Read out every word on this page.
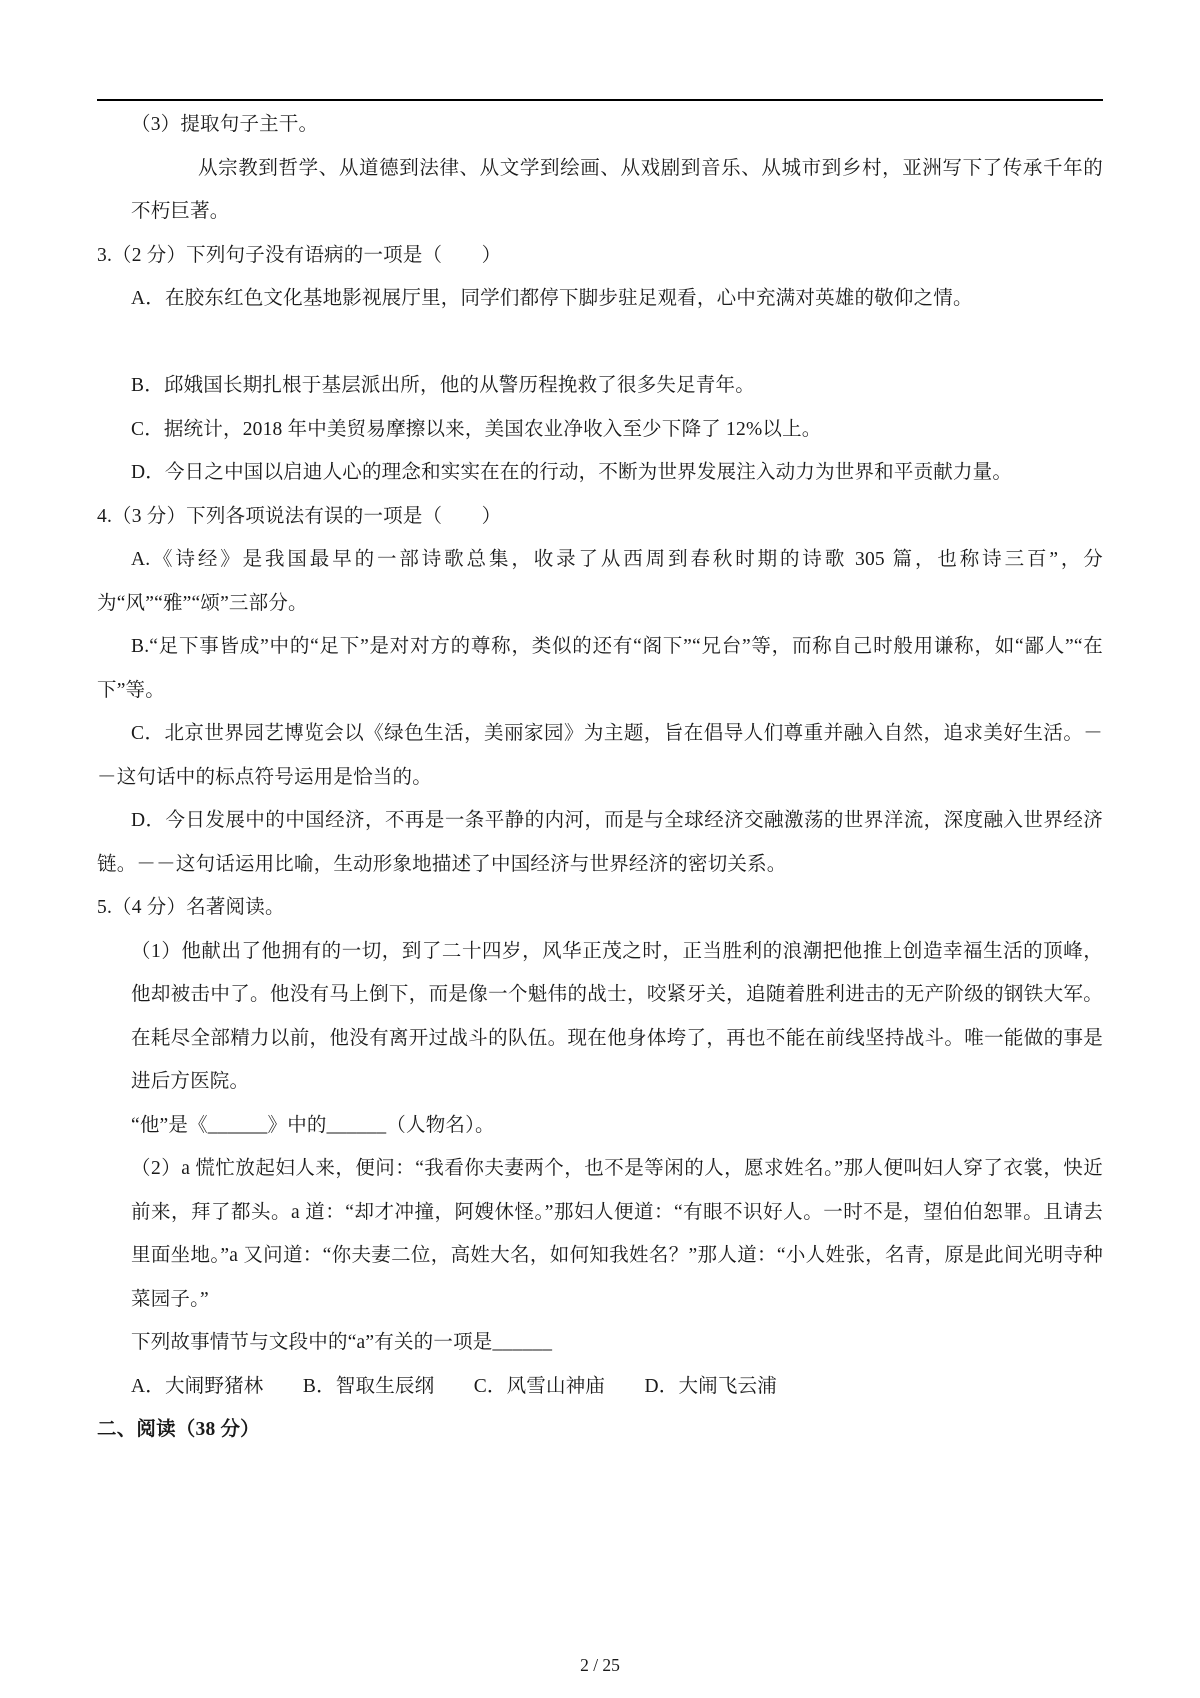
（3）提取句子主干。

从宗教到哲学、从道德到法律、从文学到绘画、从戏剧到音乐、从城市到乡村，亚洲写下了传承千年的不朽巨著。

3.（2 分）下列句子没有语病的一项是（　　）

A．在胶东红色文化基地影视展厅里，同学们都停下脚步驻足观看，心中充满对英雄的敬仰之情。

B．邱娥国长期扎根于基层派出所，他的从警历程挽救了很多失足青年。

C．据统计，2018 年中美贸易摩擦以来，美国农业净收入至少下降了 12%以上。

D．今日之中国以启迪人心的理念和实实在在的行动，不断为世界发展注入动力为世界和平贡献力量。

4.（3 分）下列各项说法有误的一项是（　　）

A.《诗经》是我国最早的一部诗歌总集，收录了从西周到春秋时期的诗歌 305 篇，也称诗三百”，分为“风”“雅”“颂”三部分。

B.“足下事皆成”中的“足下”是对对方的尊称，类似的还有“阁下”“兄台”等，而称自己时般用谦称，如“鄙人”“在下”等。

C．北京世界园艺博览会以《绿色生活，美丽家园》为主题，旨在倡导人们尊重并融入自然，追求美好生活。－－这句话中的标点符号运用是恰当的。

D．今日发展中的中国经济，不再是一条平静的内河，而是与全球经济交融激荡的世界洋流，深度融入世界经济链。－－这句话运用比喻，生动形象地描述了中国经济与世界经济的密切关系。

5.（4 分）名著阅读。

（1）他献出了他拥有的一切，到了二十四岁，风华正茂之时，正当胜利的浪潮把他推上创造幸福生活的顶峰，他却被击中了。他没有马上倒下，而是像一个魁伟的战士，咬紧牙关，追随着胜利进击的无产阶级的钢铁大军。在耗尽全部精力以前，他没有离开过战斗的队伍。现在他身体垮了，再也不能在前线坚持战斗。唯一能做的事是进后方医院。

“他”是《______》中的______（人物名）。

（2）a 慌忙放起妇人来，便问：“我看你夫妻两个，也不是等闲的人，愿求姓名。”那人便叫妇人穿了衣裳，快近前来，拜了都头。a 道：“却才冲撞，阿嫂休怪。”那妇人便道：“有眼不识好人。一时不是，望伯伯恕罪。且请去里面坐地。”a 又问道：“你夫妻二位，高姓大名，如何知我姓名？”那人道：“小人姓张，名青，原是此间光明寺种菜园子。”

下列故事情节与文段中的“a”有关的一项是______

A．大闹野猪林　　B．智取生辰纲　　C．风雪山神庙　　D．大闹飞云浦

二、阅读（38 分）

2 / 25
